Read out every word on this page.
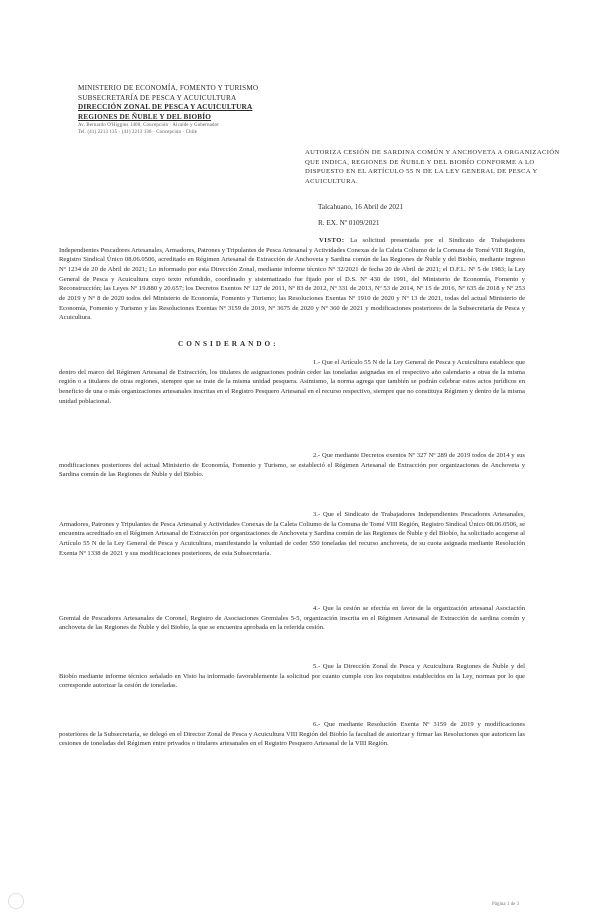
MINISTERIO DE ECONOMÍA, FOMENTO Y TURISMO
SUBSECRETARÍA DE PESCA Y ACUICULTURA
DIRECCIÓN ZONAL DE PESCA Y ACUICULTURA
REGIONES DE ÑUBLE Y DEL BIOBÍO
Av. Bernardo O'Higgins 1400, Concepción · Alcalde y Gobernador
Tel. (41) 2213 135 · (41) 2213 136 · Concepción · Chile
AUTORIZA CESIÓN DE SARDINA COMÚN Y ANCHOVETA A ORGANIZACIÓN QUE INDICA, REGIONES DE ÑUBLE Y DEL BIOBÍO CONFORME A LO DISPUESTO EN EL ARTÍCULO 55 N DE LA LEY GENERAL DE PESCA Y ACUICULTURA.
Talcahuano, 16 Abril de 2021
R. EX. Nº 0109/2021
VISTO: La solicitud presentada por el Sindicato de Trabajadores Independientes Pescadores Artesanales, Armadores, Patrones y Tripulantes de Pesca Artesanal y Actividades Conexas de la Caleta Coliumo de la Comuna de Tomé VIII Región, Registro Sindical Único 08.06.0506, acreditado en Régimen Artesanal de Extracción de Anchoveta y Sardina común de las Regiones de Ñuble y del Biobío, mediante ingreso Nº 1234 de 20 de Abril de 2021; Lo informado por esta Dirección Zonal, mediante informe técnico Nº 32/2021 de fecha 20 de Abril de 2021; el D.F.L. Nº 5 de 1983; la Ley General de Pesca y Acuicultura cuyo texto refundido, coordinado y sistematizado fue fijado por el D.S. Nº 430 de 1991, del Ministerio de Economía, Fomento y Reconstrucción; las Leyes Nº 19.880 y 20.657; los Decretos Exentos Nº 127 de 2011, Nº 83 de 2012, Nº 331 de 2013, Nº 53 de 2014, Nº 15 de 2016, Nº 635 de 2018 y Nº 253 de 2019 y Nº 8 de 2020 todos del Ministerio de Economía, Fomento y Turismo; las Resoluciones Exentas Nº 1910 de 2020 y Nº 13 de 2021, todas del actual Ministerio de Economía, Fomento y Turismo y las Resoluciones Exentas Nº 3159 de 2019, Nº 3675 de 2020 y Nº 360 de 2021 y modificaciones posteriores de la Subsecretaría de Pesca y Acuicultura.
CONSIDERANDO:
1.- Que el Artículo 55 N de la Ley General de Pesca y Acuicultura establece que dentro del marco del Régimen Artesanal de Extracción, los titulares de asignaciones podrán ceder las toneladas asignadas en el respectivo año calendario a otras de la misma región o a titulares de otras regiones, siempre que se trate de la misma unidad pesquera. Asimismo, la norma agrega que también se podrán celebrar estos actos jurídicos en beneficio de una o más organizaciones artesanales inscritas en el Registro Pesquero Artesanal en el recurso respectivo, siempre que no constituya Régimen y dentro de la misma unidad poblacional.
2.- Que mediante Decretos exentos Nº 327 Nº 289 de 2019 todos de 2014 y sus modificaciones posteriores del actual Ministerio de Economía, Fomento y Turismo, se estableció el Régimen Artesanal de Extracción por organizaciones de Anchoveta y Sardina común de las Regiones de Ñuble y del Biobío.
3.- Que el Sindicato de Trabajadores Independientes Pescadores Artesanales, Armadores, Patrones y Tripulantes de Pesca Artesanal y Actividades Conexas de la Caleta Coliumo de la Comuna de Tomé VIII Región, Registro Sindical Único 08.06.0506, se encuentra acreditado en el Régimen Artesanal de Extracción por organizaciones de Anchoveta y Sardina común de las Regiones de Ñuble y del Biobío, ha solicitado acogerse al Artículo 55 N de la Ley General de Pesca y Acuicultura, manifestando la voluntad de ceder 550 toneladas del recurso anchoveta, de su cuota asignada mediante Resolución Exenta Nº 1338 de 2021 y sus modificaciones posteriores, de esta Subsecretaría.
4.- Que la cesión se efectúa en favor de la organización artesanal Asociación Gremial de Pescadores Artesanales de Coronel, Registro de Asociaciones Gremiales 5-5, organización inscrita en el Régimen Artesanal de Extracción de sardina común y anchoveta de las Regiones de Ñuble y del Biobío, la que se encuentra aprobada en la referida cesión.
5.- Que la Dirección Zonal de Pesca y Acuicultura Regiones de Ñuble y del Biobío mediante informe técnico señalado en Visto ha informado favorablemente la solicitud por cuanto cumple con los requisitos establecidos en la Ley, normas por lo que corresponde autorizar la cesión de toneladas.
6.- Que mediante Resolución Exenta Nº 3159 de 2019 y modificaciones posteriores de la Subsecretaría, se delegó en el Director Zonal de Pesca y Acuicultura VIII Región del Biobío la facultad de autorizar y firmar las Resoluciones que autoricen las cesiones de toneladas del Régimen entre privados o titulares artesanales en el Registro Pesquero Artesanal de la VIII Región.
Página 1 de 3
